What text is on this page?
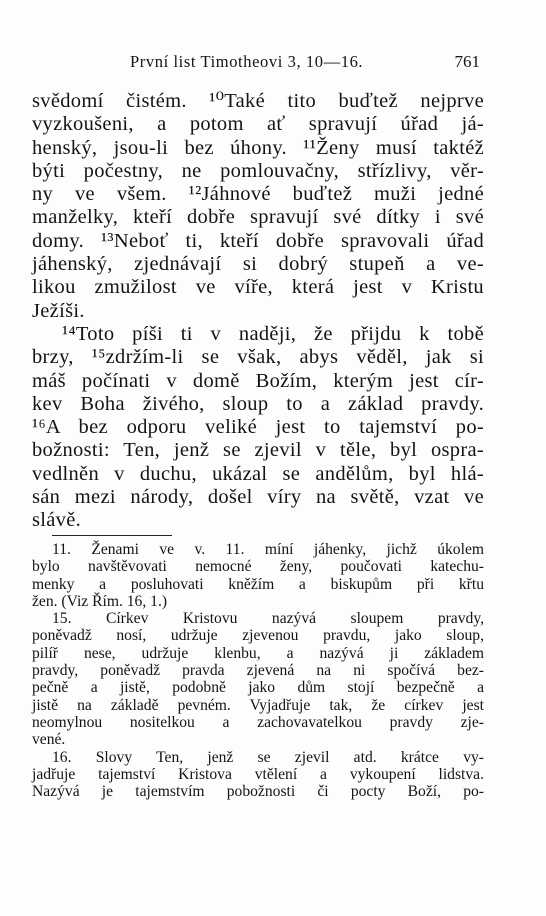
První list Timotheovi 3, 10—16.	761
svědomí čistém. ¹⁰Také tito buďtež nejprve
vyzkoušeni, a potom ať spravují úřad já-
henský, jsou-li bez úhony. ¹¹Ženy musí taktéž
býti počestny, ne pomlouvačny, střízlivy, věr-
ny ve všem. ¹²Jáhnové buďtež muži jedné
manželky, kteří dobře spravují své dítky i své
domy. ¹³Neboť ti, kteří dobře spravovali úřad
jáhenský, zjednávají si dobrý stupeň a ve-
likou zmužilost ve víře, která jest v Kristu
Ježíši.
¹⁴Toto píši ti v naději, že přijdu k tobě
brzy, ¹⁵zdržím-li se však, abys věděl, jak si
máš počínati v domě Božím, kterým jest cír-
kev Boha živého, sloup to a základ pravdy.
¹⁶A bez odporu veliké jest to tajemství po-
božnosti: Ten, jenž se zjevil v těle, byl ospra-
vedlněn v duchu, ukázal se andělům, byl hlá-
sán mezi národy, došel víry na světě, vzat ve
slávě.
11. Ženami ve v. 11. míní jáhenky, jichž úkolem
bylo navštěvovati nemocné ženy, poučovati katechu-
menky a posluhovati kněžím a biskupům při křtu
žen. (Viz Řím. 16, 1.)
15. Církev Kristovu nazývá sloupem pravdy,
poněvadž nosí, udržuje zjevenou pravdu, jako sloup,
pilíř nese, udržuje klenbu, a nazývá ji základem
pravdy, poněvadž pravda zjevená na ni spočívá bez-
pečně a jistě, podobně jako dům stojí bezpečně a
jistě na základě pevném. Vyjadřuje tak, že církev jest
neomylnou nositelkou a zachovavatelkou pravdy zje-
vené.
16. Slovy Ten, jenž se zjevil atd. krátce vy-
jadřuje tajemství Kristova vtělení a vykoupení lidstva.
Nazývá je tajemstvím pobožnosti či pocty Boží, po-
